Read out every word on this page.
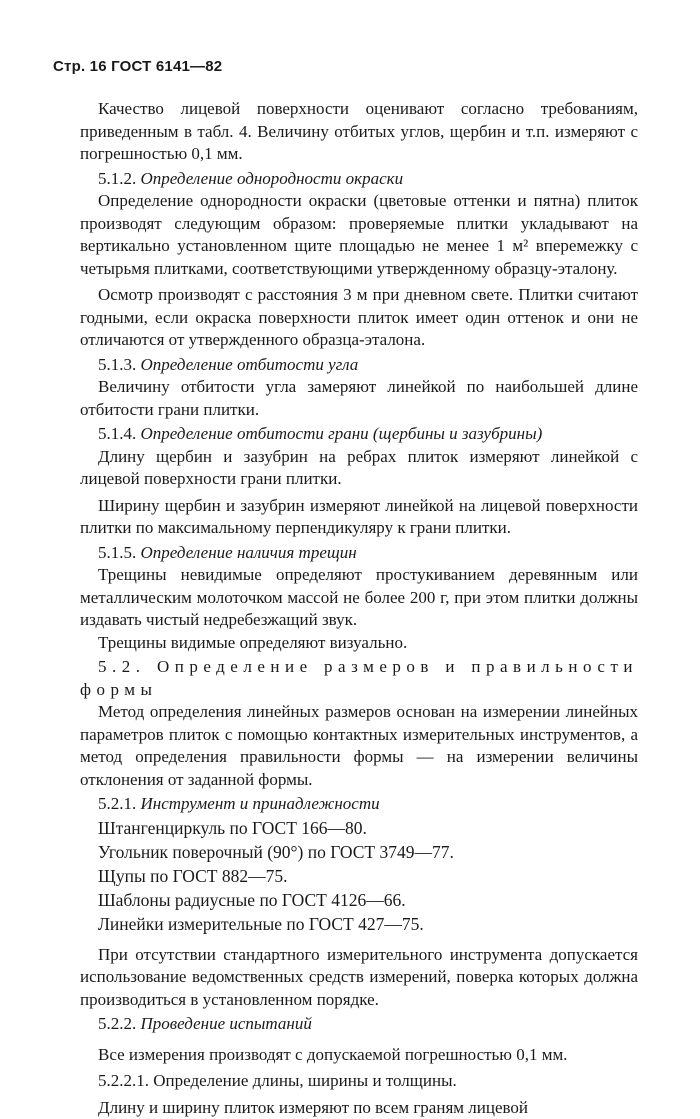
Стр. 16 ГОСТ 6141—82

Качество лицевой поверхности оценивают согласно требованиям, приведенным в табл. 4. Величину отбитых углов, щербин и т.п. измеряют с погрешностью 0,1 мм.

5.1.2. Определение однородности окраски

Определение однородности окраски (цветовые оттенки и пятна) плиток производят следующим образом: проверяемые плитки укладывают на вертикально установленном щите площадью не менее 1 м² вперемежку с четырьмя плитками, соответствующими утвержденному образцу-эталону.

Осмотр производят с расстояния 3 м при дневном свете. Плитки считают годными, если окраска поверхности плиток имеет один оттенок и они не отличаются от утвержденного образца-эталона.

5.1.3. Определение отбитости угла

Величину отбитости угла замеряют линейкой по наибольшей длине отбитости грани плитки.

5.1.4. Определение отбитости грани (щербины и зазубрины)

Длину щербин и зазубрин на ребрах плиток измеряют линейкой с лицевой поверхности грани плитки.

Ширину щербин и зазубрин измеряют линейкой на лицевой поверхности плитки по максимальному перпендикуляру к грани плитки.

5.1.5. Определение наличия трещин

Трещины невидимые определяют простукиванием деревянным или металлическим молоточком массой не более 200 г, при этом плитки должны издавать чистый недребезжащий звук.

Трещины видимые определяют визуально.

5.2. Определение размеров и правильности формы

Метод определения линейных размеров основан на измерении линейных параметров плиток с помощью контактных измерительных инструментов, а метод определения правильности формы — на измерении величины отклонения от заданной формы.

5.2.1. Инструмент и принадлежности

Штангенциркуль по ГОСТ 166—80.

Угольник поверочный (90°) по ГОСТ 3749—77.

Щупы по ГОСТ 882—75.

Шаблоны радиусные по ГОСТ 4126—66.

Линейки измерительные по ГОСТ 427—75.

При отсутствии стандартного измерительного инструмента допускается использование ведомственных средств измерений, поверка которых должна производиться в установленном порядке.

5.2.2. Проведение испытаний

Все измерения производят с допускаемой погрешностью 0,1 мм.

5.2.2.1. Определение длины, ширины и толщины.

Длину и ширину плиток измеряют по всем граням лицевой
